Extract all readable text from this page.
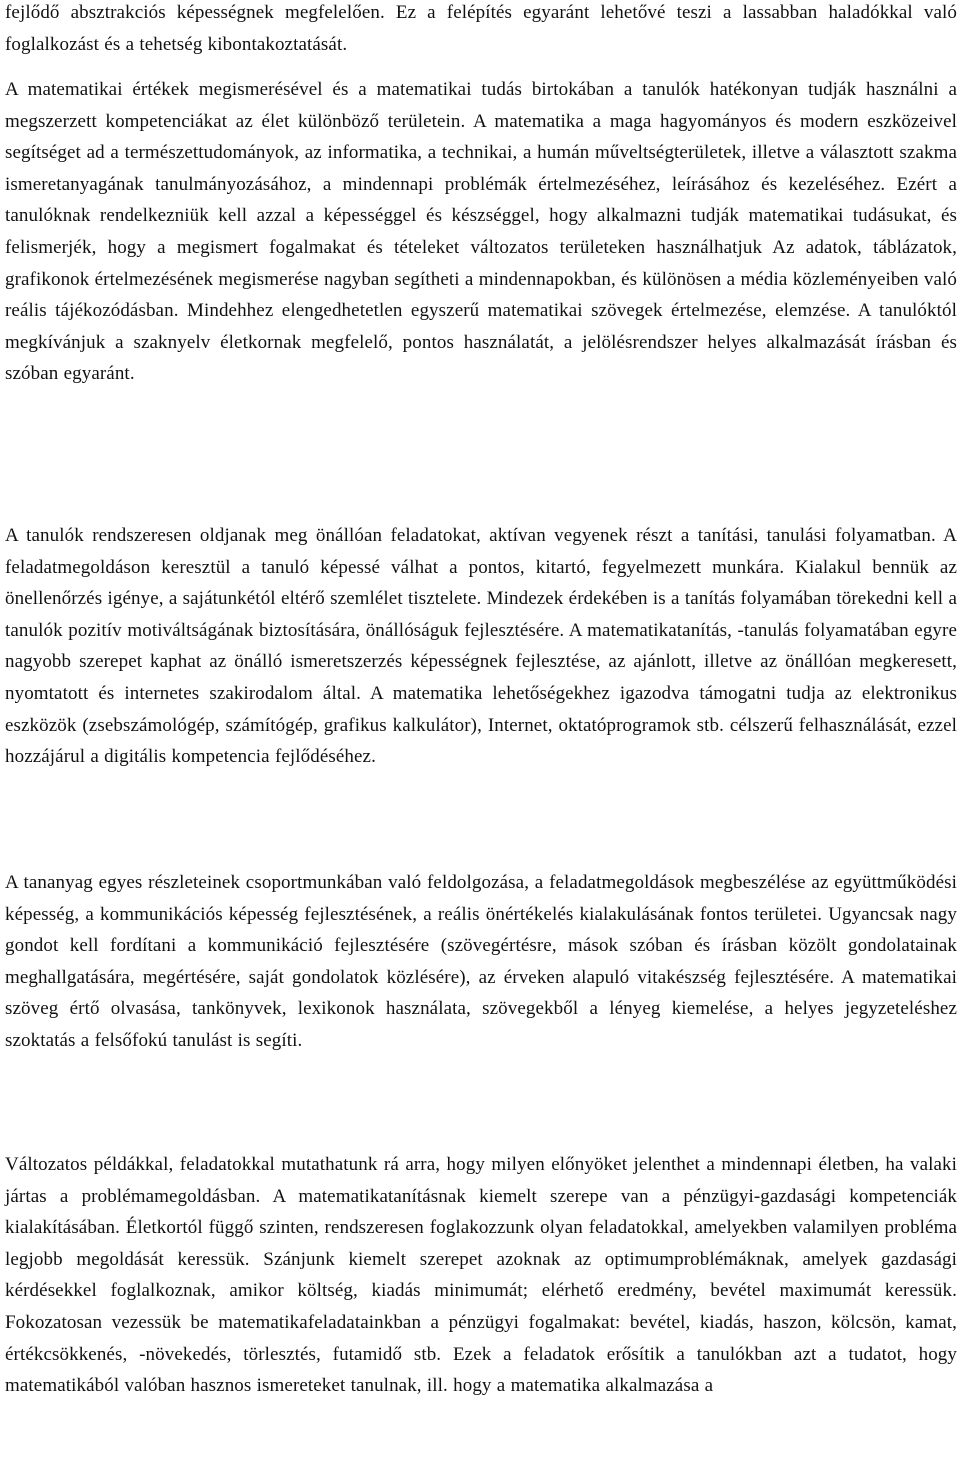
fejlődő absztrakciós képességnek megfelelően. Ez a felépítés egyaránt lehetővé teszi a lassabban haladókkal való foglalkozást és a tehetség kibontakoztatását.

A matematikai értékek megismerésével és a matematikai tudás birtokában a tanulók hatékonyan tudják használni a megszerzett kompetenciákat az élet különböző területein. A matematika a maga hagyományos és modern eszközeivel segítséget ad a természettudományok, az informatika, a technikai, a humán műveltségterületek, illetve a választott szakma ismeretanyagának tanulmányozásához, a mindennapi problémák értelmezéséhez, leírásához és kezeléséhez. Ezért a tanulóknak rendelkezniük kell azzal a képességgel és készséggel, hogy alkalmazni tudják matematikai tudásukat, és felismerjék, hogy a megismert fogalmakat és tételeket változatos területeken használhatjuk Az adatok, táblázatok, grafikonok értelmezésének megismerése nagyban segítheti a mindennapokban, és különösen a média közleményeiben való reális tájékozódásban. Mindehhez elengedhetetlen egyszerű matematikai szövegek értelmezése, elemzése. A tanulóktól megkívánjuk a szaknyelv életkornak megfelelő, pontos használatát, a jelölésrendszer helyes alkalmazását írásban és szóban egyaránt.

A tanulók rendszeresen oldjanak meg önállóan feladatokat, aktívan vegyenek részt a tanítási, tanulási folyamatban. A feladatmegoldáson keresztül a tanuló képessé válhat a pontos, kitartó, fegyelmezett munkára. Kialakul bennük az önellenőrzés igénye, a sajátunkétól eltérő szemlélet tisztelete. Mindezek érdekében is a tanítás folyamában törekedni kell a tanulók pozitív motiváltságának biztosítására, önállóságuk fejlesztésére. A matematikatanítás, -tanulás folyamatában egyre nagyobb szerepet kaphat az önálló ismeretszerzés képességnek fejlesztése, az ajánlott, illetve az önállóan megkeresett, nyomtatott és internetes szakirodalom által. A matematika lehetőségekhez igazodva támogatni tudja az elektronikus eszközök (zsebszámológép, számítógép, grafikus kalkulátor), Internet, oktatóprogramok stb. célszerű felhasználását, ezzel hozzájárul a digitális kompetencia fejlődéséhez.

A tananyag egyes részleteinek csoportmunkában való feldolgozása, a feladatmegoldások megbeszélése az együttműködési képesség, a kommunikációs képesség fejlesztésének, a reális önértékelés kialakulásának fontos területei. Ugyancsak nagy gondot kell fordítani a kommunikáció fejlesztésére (szövegértésre, mások szóban és írásban közölt gondolatainak meghallgatására, megértésére, saját gondolatok közlésére), az érveken alapuló vitakészség fejlesztésére. A matematikai szöveg értő olvasása, tankönyvek, lexikonok használata, szövegekből a lényeg kiemelése, a helyes jegyzeteléshez szoktatás a felsőfokú tanulást is segíti.

Változatos példákkal, feladatokkal mutathatunk rá arra, hogy milyen előnyöket jelenthet a mindennapi életben, ha valaki jártas a problémamegoldásban. A matematikatanításnak kiemelt szerepe van a pénzügyi-gazdasági kompetenciák kialakításában. Életkortól függő szinten, rendszeresen foglakozzunk olyan feladatokkal, amelyekben valamilyen probléma legjobb megoldását keressük. Szánjunk kiemelt szerepet azoknak az optimumproblémáknak, amelyek gazdasági kérdésekkel foglalkoznak, amikor költség, kiadás minimumát; elérhető eredmény, bevétel maximumát keressük. Fokozatosan vezessük be matematikafeladatainkban a pénzügyi fogalmakat: bevétel, kiadás, haszon, kölcsön, kamat, értékcsökkenés, -növekedés, törlesztés, futamidő stb. Ezek a feladatok erősítik a tanulókban azt a tudatot, hogy matematikából valóban hasznos ismereteket tanulnak, ill. hogy a matematika alkalmazása a
